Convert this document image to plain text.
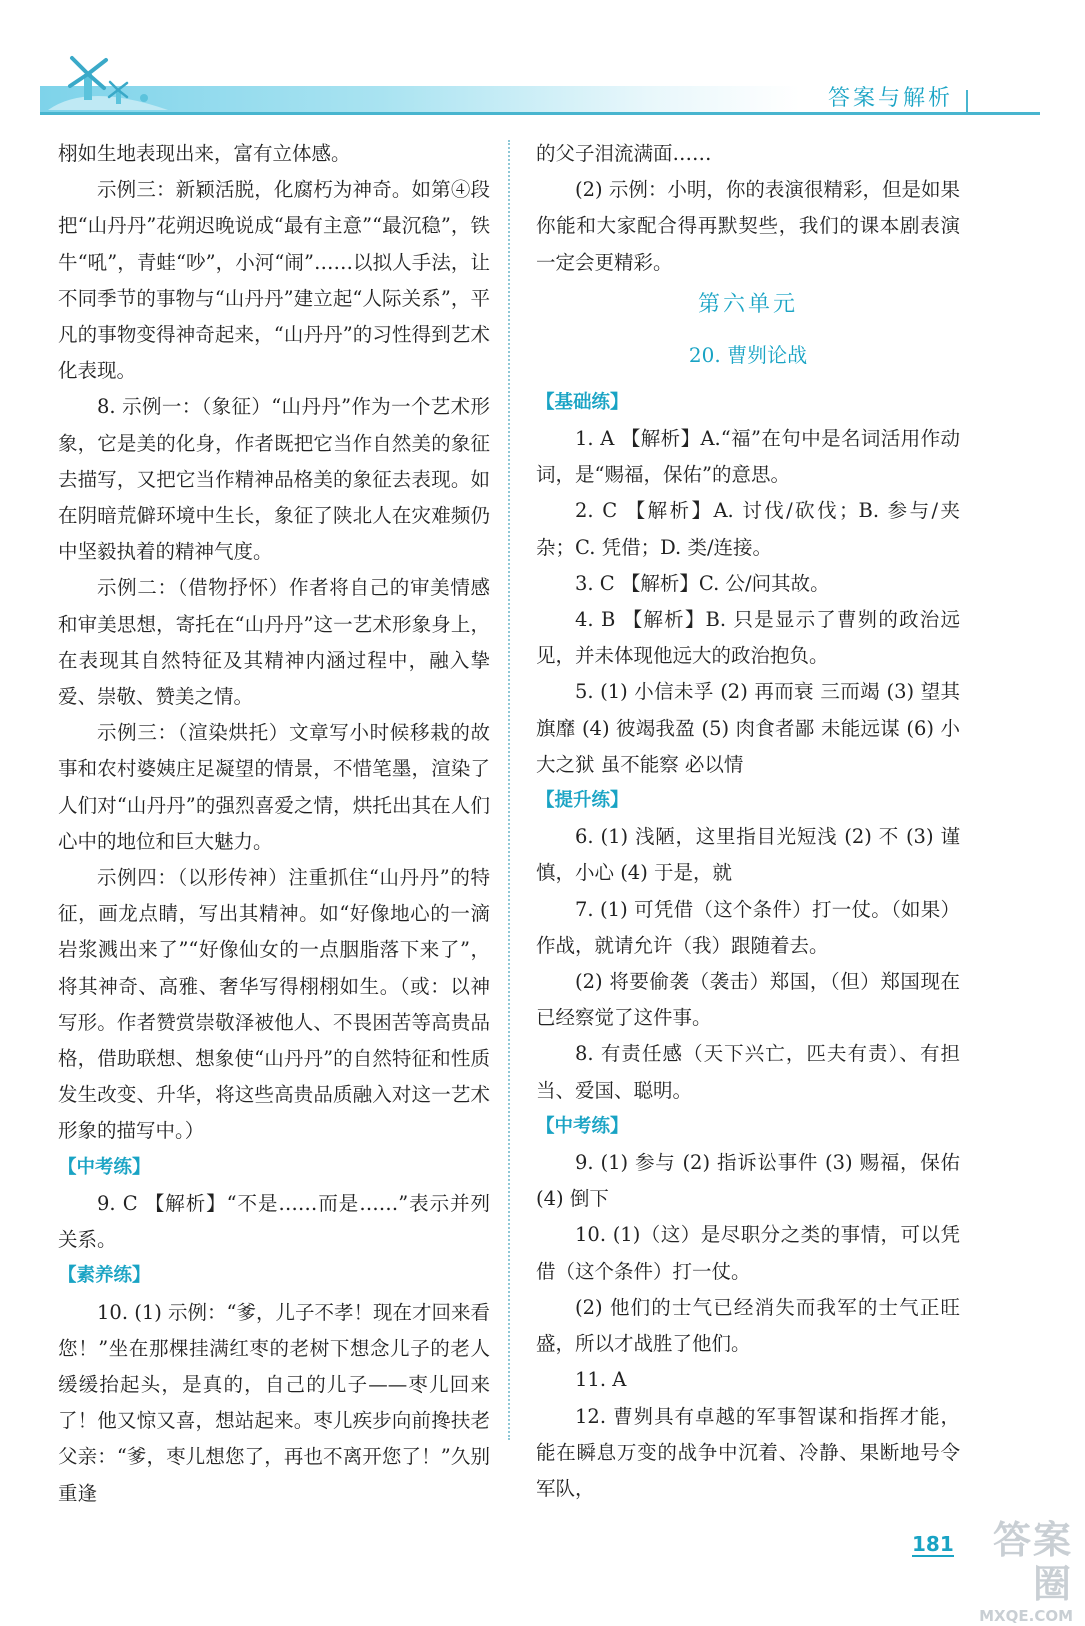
答案与解析

栩如生地表现出来，富有立体感。

示例三：新颖活脱，化腐朽为神奇。如第④段把“山丹丹”花朔迟晚说成“最有主意”“最沉稳”，铁牛“吼”，青蛙“吵”，小河“闹”……以拟人手法，让不同季节的事物与“山丹丹”建立起“人际关系”，平凡的事物变得神奇起来，“山丹丹”的习性得到艺术化表现。

8. 示例一：（象征）“山丹丹”作为一个艺术形象，它是美的化身，作者既把它当作自然美的象征去描写，又把它当作精神品格美的象征去表现。如在阴暗荒僻环境中生长，象征了陕北人在灾难频仍中坚毅执着的精神气度。

示例二：（借物抒怀）作者将自己的审美情感和审美思想，寄托在“山丹丹”这一艺术形象身上，在表现其自然特征及其精神内涵过程中，融入挚爱、崇敬、赞美之情。

示例三：（渲染烘托）文章写小时候移栽的故事和农村婆姨庄足凝望的情景，不惜笔墨，渲染了人们对“山丹丹”的强烈喜爱之情，烘托出其在人们心中的地位和巨大魅力。

示例四：（以形传神）注重抓住“山丹丹”的特征，画龙点睛，写出其精神。如“好像地心的一滴岩浆溅出来了”“好像仙女的一点胭脂落下来了”，将其神奇、高雅、奢华写得栩栩如生。（或：以神写形。作者赞赏崇敬泽被他人、不畏困苦等高贵品格，借助联想、想象使“山丹丹”的自然特征和性质发生改变、升华，将这些高贵品质融入对这一艺术形象的描写中。）

【中考练】

9. C 【解析】“不是……而是……”表示并列关系。

【素养练】

10. (1) 示例：“爹，儿子不孝！现在才回来看您！”坐在那棵挂满红枣的老树下想念儿子的老人缓缓抬起头，是真的，自己的儿子——枣儿回来了！他又惊又喜，想站起来。枣儿疾步向前搀扶老父亲：“爹，枣儿想您了，再也不离开您了！”久别重逢

的父子泪流满面……

(2) 示例：小明，你的表演很精彩，但是如果你能和大家配合得再默契些，我们的课本剧表演一定会更精彩。

第六单元

20. 曹刿论战

【基础练】

1. A 【解析】A.“福”在句中是名词活用作动词，是“赐福，保佑”的意思。

2. C 【解析】A. 讨伐/砍伐；B. 参与/夹杂；C. 凭借；D. 类/连接。

3. C 【解析】C. 公/问其故。

4. B 【解析】B. 只是显示了曹刿的政治远见，并未体现他远大的政治抱负。

5. (1) 小信未孚 (2) 再而衰 三而竭 (3) 望其旗靡 (4) 彼竭我盈 (5) 肉食者鄙 未能远谋 (6) 小大之狱 虽不能察 必以情

【提升练】

6. (1) 浅陋，这里指目光短浅 (2) 不 (3) 谨慎，小心 (4) 于是，就

7. (1) 可凭借（这个条件）打一仗。（如果）作战，就请允许（我）跟随着去。

(2) 将要偷袭（袭击）郑国，（但）郑国现在已经察觉了这件事。

8. 有责任感（天下兴亡，匹夫有责）、有担当、爱国、聪明。

【中考练】

9. (1) 参与 (2) 指诉讼事件 (3) 赐福，保佑 (4) 倒下

10. (1)（这）是尽职分之类的事情，可以凭借（这个条件）打一仗。

(2) 他们的士气已经消失而我军的士气正旺盛，所以才战胜了他们。

11. A

12. 曹刿具有卓越的军事智谋和指挥才能，能在瞬息万变的战争中沉着、冷静、果断地号令军队，

181	答案圈
MXQE.COM
